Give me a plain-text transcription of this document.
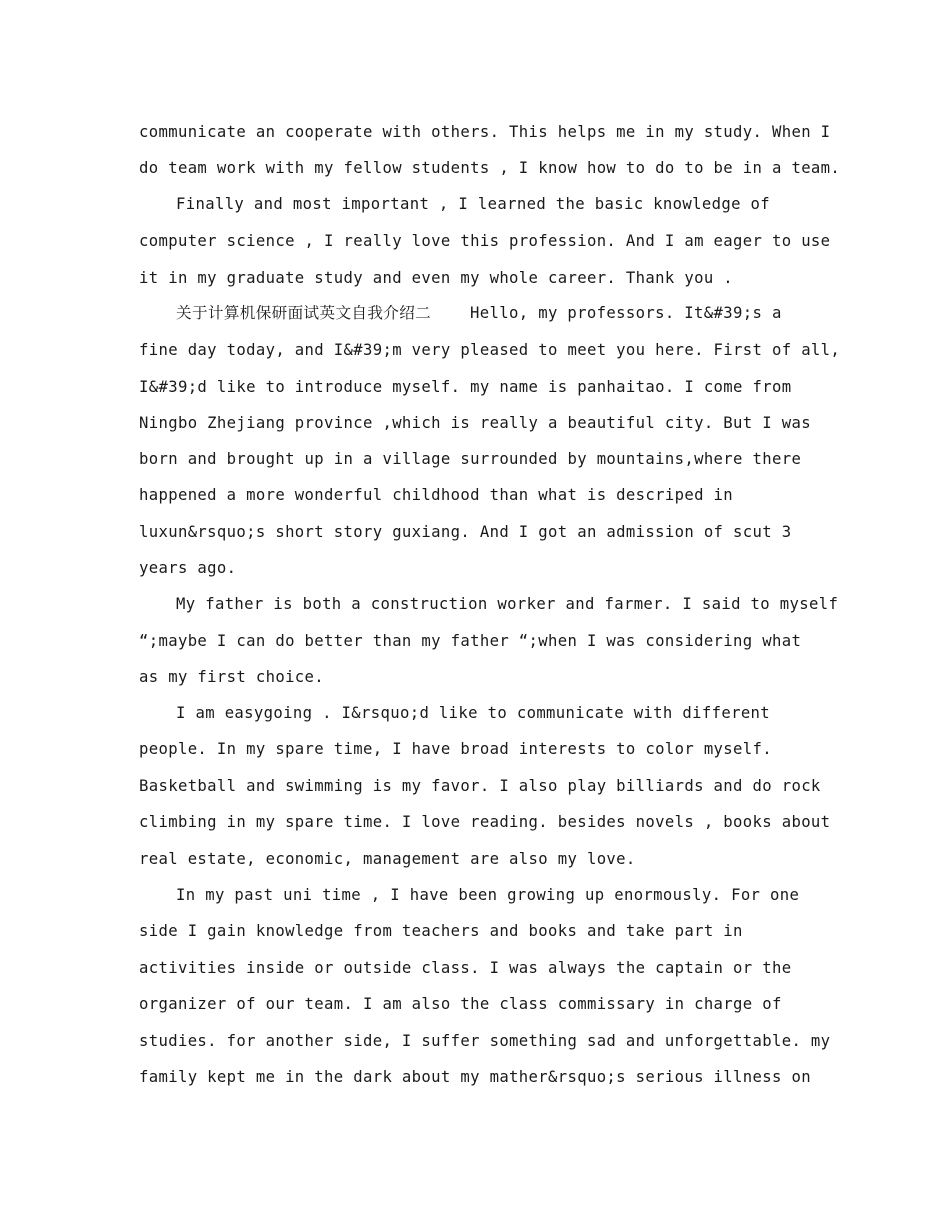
communicate an cooperate with others. This helps me in my study. When I
do team work with my fellow students , I know how to do to be in a team.
Finally and most important , I learned the basic knowledge of
computer science , I really love this profession. And I am eager to use
it in my graduate study and even my whole career. Thank you .
关于计算机保研面试英文自我介绍二    Hello, my professors. It&#39;s a
fine day today, and I&#39;m very pleased to meet you here. First of all,
I&#39;d like to introduce myself. my name is panhaitao. I come from
Ningbo Zhejiang province ,which is really a beautiful city. But I was
born and brought up in a village surrounded by mountains,where there
happened a more wonderful childhood than what is descriped in
luxun&rsquo;s short story guxiang. And I got an admission of scut 3
years ago.
My father is both a construction worker and farmer. I said to myself
“;maybe I can do better than my father “;when I was considering what
as my first choice.
I am easygoing . I&rsquo;d like to communicate with different
people. In my spare time, I have broad interests to color myself.
Basketball and swimming is my favor. I also play billiards and do rock
climbing in my spare time. I love reading. besides novels , books about
real estate, economic, management are also my love.
In my past uni time , I have been growing up enormously. For one
side I gain knowledge from teachers and books and take part in
activities inside or outside class. I was always the captain or the
organizer of our team. I am also the class commissary in charge of
studies. for another side, I suffer something sad and unforgettable. my
family kept me in the dark about my mather&rsquo;s serious illness on
